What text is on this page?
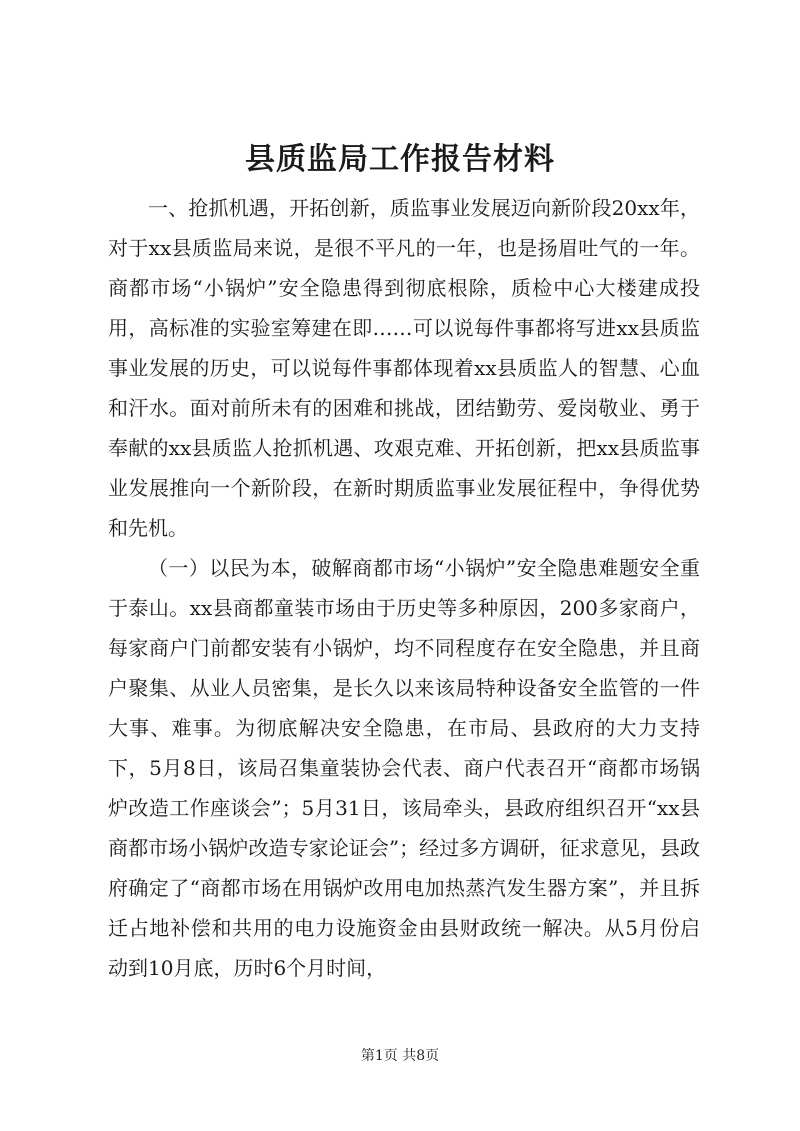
县质监局工作报告材料

一、抢抓机遇，开拓创新，质监事业发展迈向新阶段20xx年，对于xx县质监局来说，是很不平凡的一年，也是扬眉吐气的一年。商都市场“小锅炉”安全隐患得到彻底根除，质检中心大楼建成投用，高标准的实验室筹建在即……可以说每件事都将写进xx县质监事业发展的历史，可以说每件事都体现着xx县质监人的智慧、心血和汗水。面对前所未有的困难和挑战，团结勤劳、爱岗敬业、勇于奉献的xx县质监人抢抓机遇、攻艰克难、开拓创新，把xx县质监事业发展推向一个新阶段，在新时期质监事业发展征程中，争得优势和先机。

（一）以民为本，破解商都市场“小锅炉”安全隐患难题安全重于泰山。xx县商都童装市场由于历史等多种原因，200多家商户，每家商户门前都安装有小锅炉，均不同程度存在安全隐患，并且商户聚集、从业人员密集，是长久以来该局特种设备安全监管的一件大事、难事。为彻底解决安全隐患，在市局、县政府的大力支持下，5月8日，该局召集童装协会代表、商户代表召开“商都市场锅炉改造工作座谈会”；5月31日，该局牵头，县政府组织召开“xx县商都市场小锅炉改造专家论证会”；经过多方调研，征求意见，县政府确定了“商都市场在用锅炉改用电加热蒸汽发生器方案”，并且拆迁占地补偿和共用的电力设施资金由县财政统一解决。从5月份启动到10月底，历时6个月时间，

第1页 共8页
